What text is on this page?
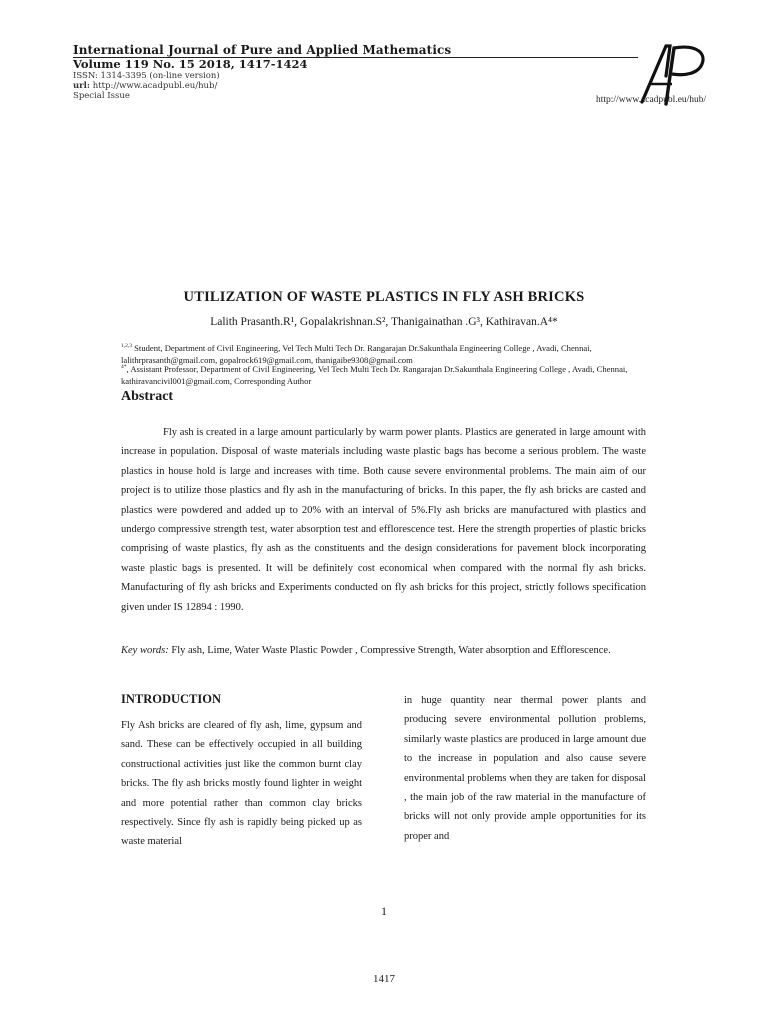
International Journal of Pure and Applied Mathematics
Volume 119 No. 15 2018, 1417-1424
ISSN: 1314-3395 (on-line version)
url: http://www.acadpubl.eu/hub/
Special Issue	http://www.acadpubl.eu/hub/
UTILIZATION OF WASTE PLASTICS IN FLY ASH BRICKS
Lalith Prasanth.R¹, Gopalakrishnan.S², Thanigainathan .G³, Kathiravan.A⁴*
$^{1,2,3}$ Student, Department of Civil Engineering, Vel Tech Multi Tech Dr. Rangarajan Dr.Sakunthala Engineering College , Avadi, Chennai, lalithrprasanth@gmail.com, gopalrock619@gmail.com, thanigaibe9308@gmail.com
$^{4*}$, Assistant Professor, Department of Civil Engineering, Vel Tech Multi Tech Dr. Rangarajan Dr.Sakunthala Engineering College , Avadi, Chennai, kathiravancivil001@gmail.com, Corresponding Author
Abstract

Fly ash is created in a large amount particularly by warm power plants. Plastics are generated in large amount with increase in population. Disposal of waste materials including waste plastic bags has become a serious problem. The waste plastics in house hold is large and increases with time. Both cause severe environmental problems. The main aim of our project is to utilize those plastics and fly ash in the manufacturing of bricks. In this paper, the fly ash bricks are casted and plastics were powdered and added up to 20% with an interval of 5%.Fly ash bricks are manufactured with plastics and undergo compressive strength test, water absorption test and efflorescence test. Here the strength properties of plastic bricks comprising of waste plastics, fly ash as the constituents and the design considerations for pavement block incorporating waste plastic bags is presented. It will be definitely cost economical when compared with the normal fly ash bricks. Manufacturing of fly ash bricks and Experiments conducted on fly ash bricks for this project, strictly follows specification given under IS 12894 : 1990.

Key words: Fly ash, Lime, Water Waste Plastic Powder , Compressive Strength, Water absorption and Efflorescence.

INTRODUCTION

Fly Ash bricks are cleared of fly ash, lime, gypsum and sand. These can be effectively occupied in all building constructional activities just like the common burnt clay bricks. The fly ash bricks mostly found lighter in weight and more potential rather than common clay bricks respectively. Since fly ash is rapidly being picked up as waste material

in huge quantity near thermal power plants and producing severe environmental pollution problems, similarly waste plastics are produced in large amount due to the increase in population and also cause severe environmental problems when they are taken for disposal , the main job of the raw material in the manufacture of bricks will not only provide ample opportunities for its proper and

1
1417
